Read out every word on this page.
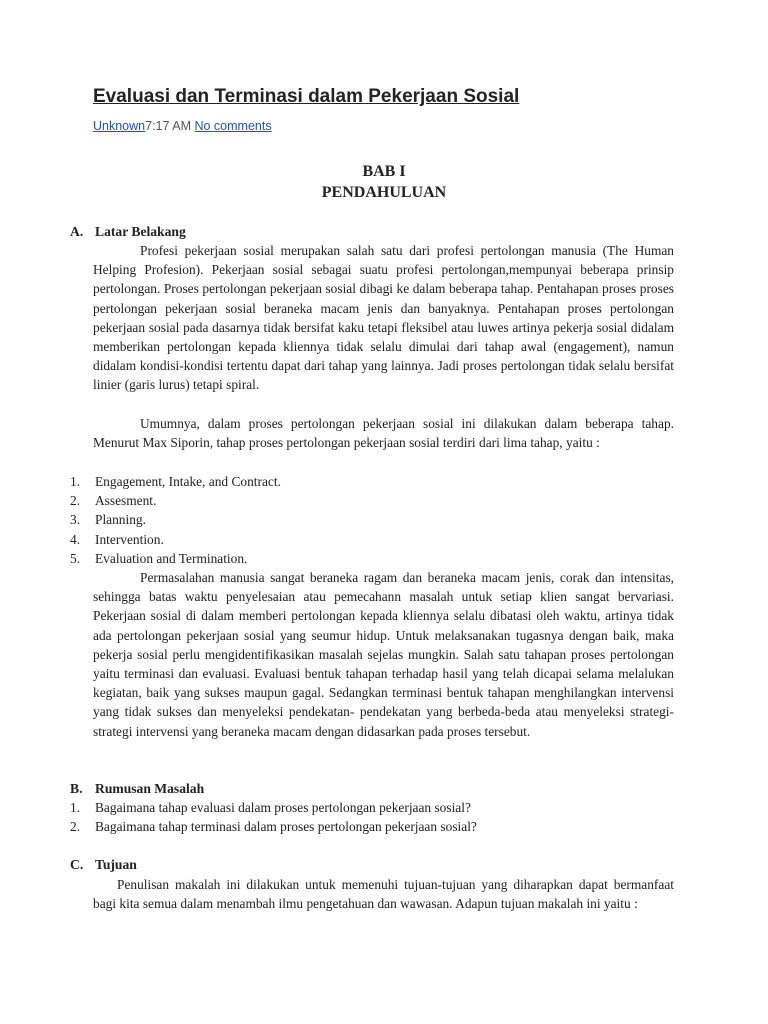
Evaluasi dan Terminasi dalam Pekerjaan Sosial
Unknown7:17 AM No comments
BAB I
PENDAHULUAN
A. Latar Belakang

Profesi pekerjaan sosial merupakan salah satu dari profesi pertolongan manusia (The Human Helping Profesion). Pekerjaan sosial sebagai suatu profesi pertolongan,mempunyai beberapa prinsip pertolongan. Proses pertolongan pekerjaan sosial dibagi ke dalam beberapa tahap. Pentahapan proses proses pertolongan pekerjaan sosial beraneka macam jenis dan banyaknya. Pentahapan proses pertolongan pekerjaan sosial pada dasarnya tidak bersifat kaku tetapi fleksibel atau luwes artinya pekerja sosial didalam memberikan pertolongan kepada kliennya tidak selalu dimulai dari tahap awal (engagement), namun didalam kondisi-kondisi tertentu dapat dari tahap yang lainnya. Jadi proses pertolongan tidak selalu bersifat linier (garis lurus) tetapi spiral.

Umumnya, dalam proses pertolongan pekerjaan sosial ini dilakukan dalam beberapa tahap. Menurut Max Siporin, tahap proses pertolongan pekerjaan sosial terdiri dari lima tahap, yaitu :

1. Engagement, Intake, and Contract.
2. Assesment.
3. Planning.
4. Intervention.
5. Evaluation and Termination.

Permasalahan manusia sangat beraneka ragam dan beraneka macam jenis, corak dan intensitas, sehingga batas waktu penyelesaian atau pemecahann masalah untuk setiap klien sangat bervariasi. Pekerjaan sosial di dalam memberi pertolongan kepada kliennya selalu dibatasi oleh waktu, artinya tidak ada pertolongan pekerjaan sosial yang seumur hidup. Untuk melaksanakan tugasnya dengan baik, maka pekerja sosial perlu mengidentifikasikan masalah sejelas mungkin. Salah satu tahapan proses pertolongan yaitu terminasi dan evaluasi. Evaluasi bentuk tahapan terhadap hasil yang telah dicapai selama melalukan kegiatan, baik yang sukses maupun gagal. Sedangkan terminasi bentuk tahapan menghilangkan intervensi yang tidak sukses dan menyeleksi pendekatan- pendekatan yang berbeda-beda atau menyeleksi strategi-strategi intervensi yang beraneka macam dengan didasarkan pada proses tersebut.

B. Rumusan Masalah
1. Bagaimana tahap evaluasi dalam proses pertolongan pekerjaan sosial?
2. Bagaimana tahap terminasi dalam proses pertolongan pekerjaan sosial?
C. Tujuan

Penulisan makalah ini dilakukan untuk memenuhi tujuan-tujuan yang diharapkan dapat bermanfaat bagi kita semua dalam menambah ilmu pengetahuan dan wawasan. Adapun tujuan makalah ini yaitu :
